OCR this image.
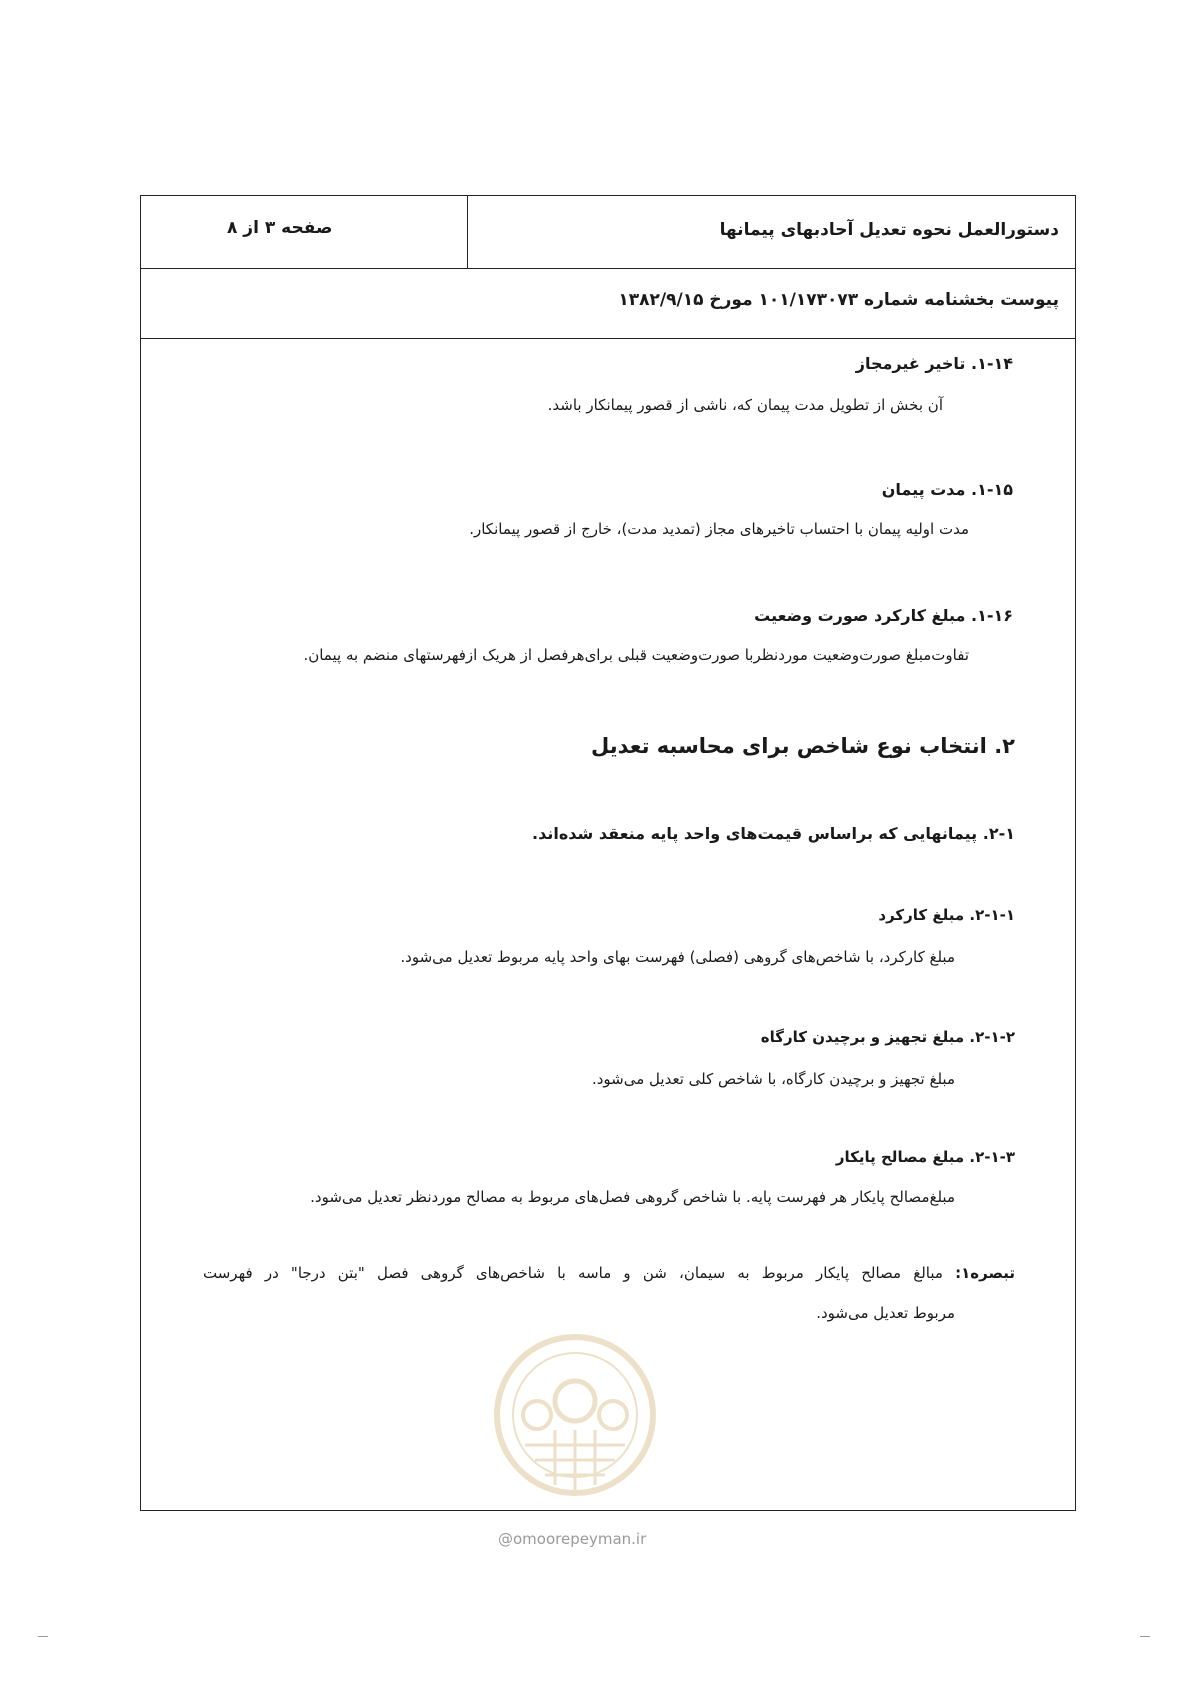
دستورالعمل نحوه تعدیل آحادبهای پیمانها
صفحه ۳ از ۸
پیوست بخشنامه شماره ۱۰۱/۱۷۳۰۷۳ مورخ ۱۳۸۲/۹/۱۵
۱-۱۴. تاخیر غیرمجاز
آن بخش از تطویل مدت پیمان که، ناشی از قصور پیمانکار باشد.
۱-۱۵. مدت پیمان
مدت اولیه پیمان با احتساب تاخیرهای مجاز (تمدید مدت)، خارج از قصور پیمانکار.
۱-۱۶. مبلغ کارکرد صورت وضعیت
تفاوت‌مبلغ صورت‌وضعیت موردنظربا صورت‌وضعیت قبلی برای‌هرفصل از هریک ازفهرستهای منضم به پیمان.
۲. انتخاب نوع شاخص برای محاسبه تعدیل
۲-۱. پیمانهایی که براساس قیمت‌های واحد پایه منعقد شده‌اند.
۲-۱-۱. مبلغ کارکرد
مبلغ کارکرد، با شاخص‌های گروهی (فصلی) فهرست بهای واحد پایه مربوط تعدیل می‌شود.
۲-۱-۲. مبلغ تجهیز و برچیدن کارگاه
مبلغ تجهیز و برچیدن کارگاه، با شاخص کلی تعدیل می‌شود.
۲-۱-۳. مبلغ مصالح پایکار
مبلغ‌مصالح پایکار هر فهرست پایه. با شاخص گروهی فصل‌های مربوط به مصالح موردنظر تعدیل می‌شود.
تبصره۱: مبالغ مصالح پایکار مربوط به سیمان، شن و ماسه با شاخص‌های گروهی فصل "بتن درجا" در فهرست
مربوط تعدیل می‌شود.
@omoorepeyman.ir
